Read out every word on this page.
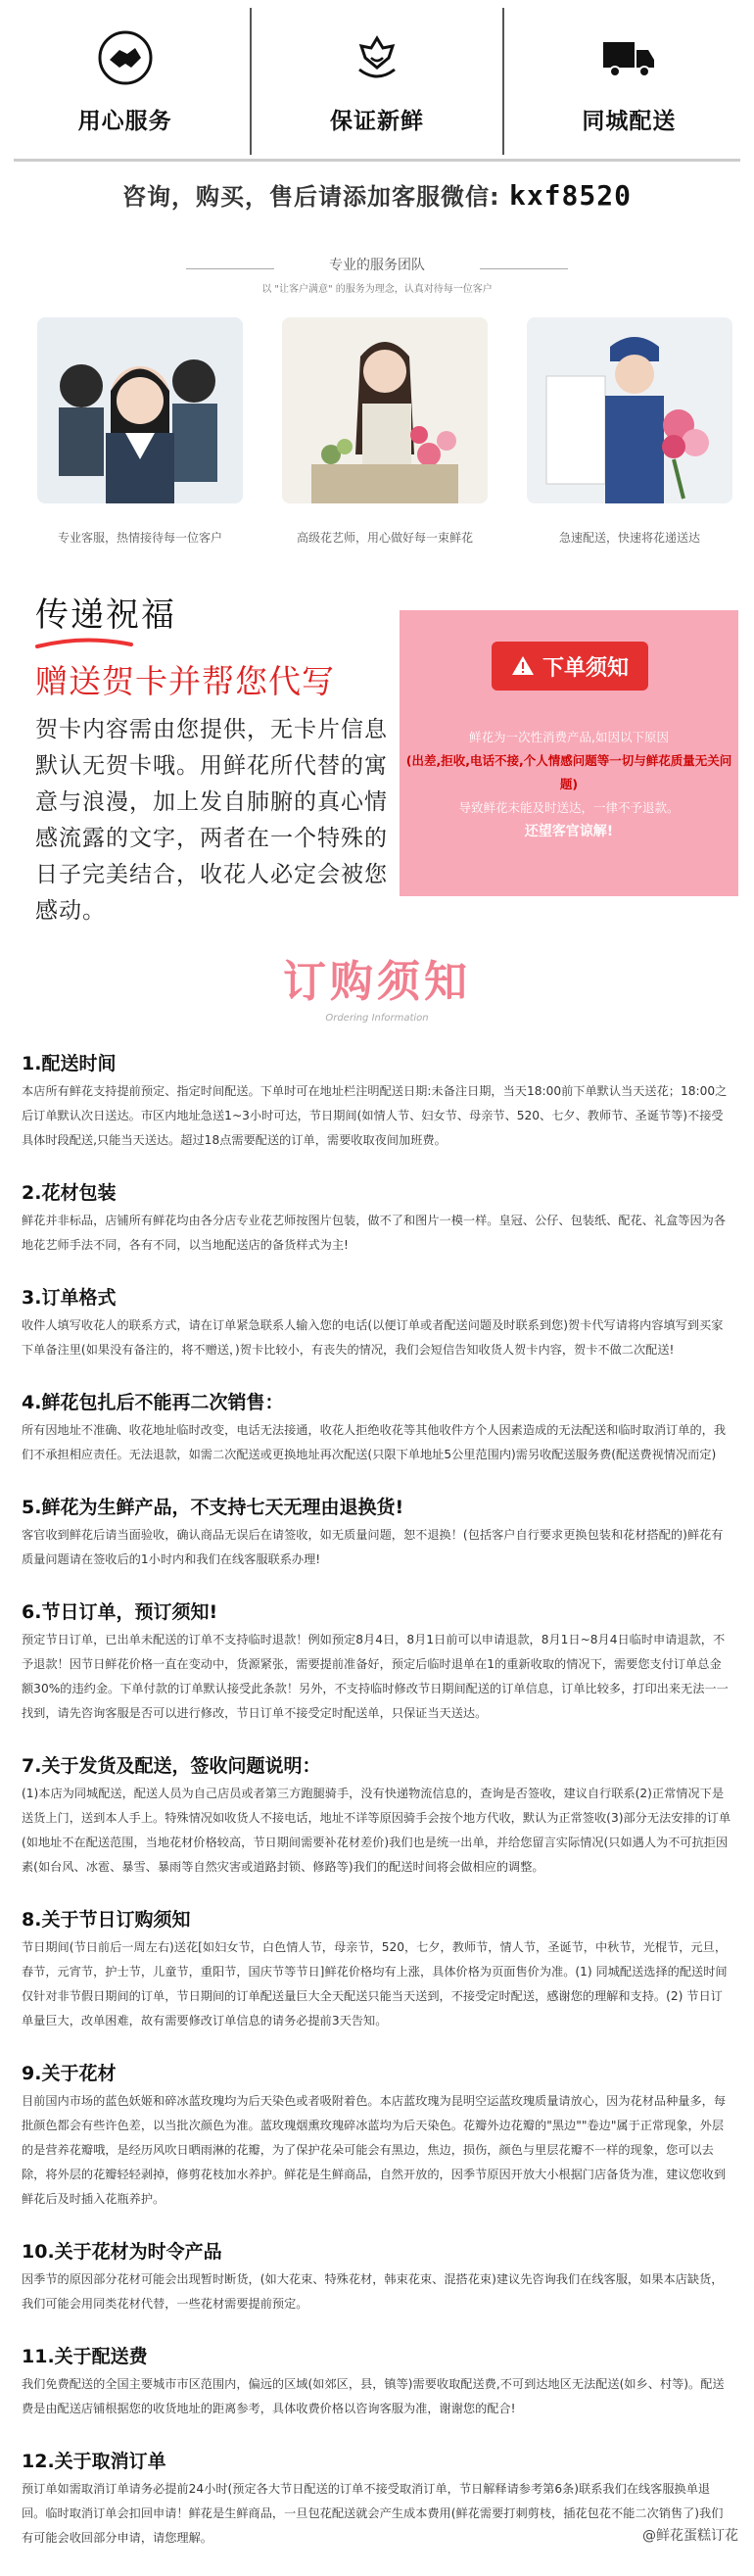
用心服务	保证新鲜	同城配送
咨询，购买，售后请添加客服微信: kxf8520
专业的服务团队
以 "让客户满意" 的服务为理念，认真对待每一位客户
专业客服，热情接待每一位客户	高级花艺师，用心做好每一束鲜花	急速配送，快速将花递送达
传递祝福
赠送贺卡并帮您代写
贺卡内容需由您提供，无卡片信息默认无贺卡哦。用鲜花所代替的寓意与浪漫，加上发自肺腑的真心情感流露的文字，两者在一个特殊的日子完美结合，收花人必定会被您感动。
下单须知
鲜花为一次性消费产品,如因以下原因
(出差,拒收,电话不接,个人情感问题等一切与鲜花质量无关问题)
导致鲜花未能及时送达，一律不予退款。
还望客官谅解!
订购须知
Ordering Information
1.配送时间

本店所有鲜花支持提前预定、指定时间配送。下单时可在地址栏注明配送日期:未备注日期，当天18:00前下单默认当天送花；18:00之后订单默认次日送达。市区内地址急送1~3小时可达，节日期间(如情人节、妇女节、母亲节、520、七夕、教师节、圣诞节等)不接受具体时段配送,只能当天送达。超过18点需要配送的订单，需要收取夜间加班费。

2.花材包装

鲜花并非标品，店铺所有鲜花均由各分店专业花艺师按图片包装，做不了和图片一模一样。皇冠、公仔、包装纸、配花、礼盒等因为各地花艺师手法不同，各有不同，以当地配送店的备货样式为主!

3.订单格式

收件人填写收花人的联系方式，请在订单紧急联系人输入您的电话(以便订单或者配送问题及时联系到您)贺卡代写请将内容填写到买家下单备注里(如果没有备注的，将不赠送，)贺卡比较小，有丧失的情况，我们会短信告知收货人贺卡内容，贺卡不做二次配送!

4.鲜花包扎后不能再二次销售：

所有因地址不准确、收花地址临时改变，电话无法接通，收花人拒绝收花等其他收件方个人因素造成的无法配送和临时取消订单的，我们不承担相应责任。无法退款，如需二次配送或更换地址再次配送(只限下单地址5公里范围内)需另收配送服务费(配送费视情况而定)

5.鲜花为生鲜产品，不支持七天无理由退换货!

客官收到鲜花后请当面验收，确认商品无误后在请签收，如无质量问题，恕不退换！(包括客户自行要求更换包装和花材搭配的)鲜花有质量问题请在签收后的1小时内和我们在线客服联系办理!

6.节日订单，预订须知!

预定节日订单，已出单未配送的订单不支持临时退款！例如预定8月4日，8月1日前可以申请退款，8月1日~8月4日临时申请退款，不予退款！因节日鲜花价格一直在变动中，货源紧张，需要提前准备好，预定后临时退单在1的重新收取的情况下，需要您支付订单总金额30%的违约金。下单付款的订单默认接受此条款！另外，不支持临时修改节日期间配送的订单信息，订单比较多，打印出来无法一一找到，请先咨询客服是否可以进行修改，节日订单不接受定时配送单，只保证当天送达。

7.关于发货及配送，签收问题说明：

(1)本店为同城配送，配送人员为自己店员或者第三方跑腿骑手，没有快递物流信息的，查询是否签收，建议自行联系(2)正常情况下是送货上门，送到本人手上。特殊情况如收货人不接电话，地址不详等原因骑手会按个地方代收，默认为正常签收(3)部分无法安排的订单(如地址不在配送范围，当地花材价格较高，节日期间需要补花材差价)我们也是统一出单，并给您留言实际情况(只如遇人为不可抗拒因素(如台风、冰雹、暴雪、暴雨等自然灾害或道路封锁、修路等)我们的配送时间将会做相应的调整。

8.关于节日订购须知

节日期间(节日前后一周左右)送花[如妇女节，白色情人节，母亲节，520，七夕，教师节，情人节，圣诞节，中秋节，光棍节，元旦，春节，元宵节，护士节，儿童节，重阳节，国庆节等节日]鲜花价格均有上涨，具体价格为页面售价为准。(1) 同城配送选择的配送时间仅针对非节假日期间的订单，节日期间的订单配送量巨大全天配送只能当天送到，不接受定时配送，感谢您的理解和支持。(2) 节日订单量巨大，改单困难，故有需要修改订单信息的请务必提前3天告知。

9.关于花材

目前国内市场的蓝色妖姬和碎冰蓝玫瑰均为后天染色或者吸附着色。本店蓝玫瑰为昆明空运蓝玫瑰质量请放心，因为花材品种量多，每批颜色都会有些许色差，以当批次颜色为准。蓝玫瑰烟熏玫瑰碎冰蓝均为后天染色。花瓣外边花瓣的"黑边""卷边"属于正常现象，外层的是营养花瓣哦，是经历风吹日晒雨淋的花瓣，为了保护花朵可能会有黑边，焦边，损伤，颜色与里层花瓣不一样的现象，您可以去除，将外层的花瓣轻轻剥掉，修剪花枝加水养护。鲜花是生鲜商品，自然开放的，因季节原因开放大小根据门店备货为准，建议您收到鲜花后及时插入花瓶养护。

10.关于花材为时令产品

因季节的原因部分花材可能会出现暂时断货，(如大花束、特殊花材，韩束花束、混搭花束)建议先咨询我们在线客服，如果本店缺货，我们可能会用同类花材代替，一些花材需要提前预定。

11.关于配送费

我们免费配送的全国主要城市市区范围内，偏远的区域(如郊区，县，镇等)需要收取配送费,不可到达地区无法配送(如乡、村等)。配送费是由配送店铺根据您的收货地址的距离参考，具体收费价格以咨询客服为准，谢谢您的配合!

12.关于取消订单

预订单如需取消订单请务必提前24小时(预定各大节日配送的订单不接受取消订单，节日解释请参考第6条)联系我们在线客服换单退回。临时取消订单会扣回申请！鲜花是生鲜商品，一旦包花配送就会产生成本费用(鲜花需要打刺剪枝，插花包花不能二次销售了)我们有可能会收回部分申请，请您理解。	@鲜花蛋糕订花
